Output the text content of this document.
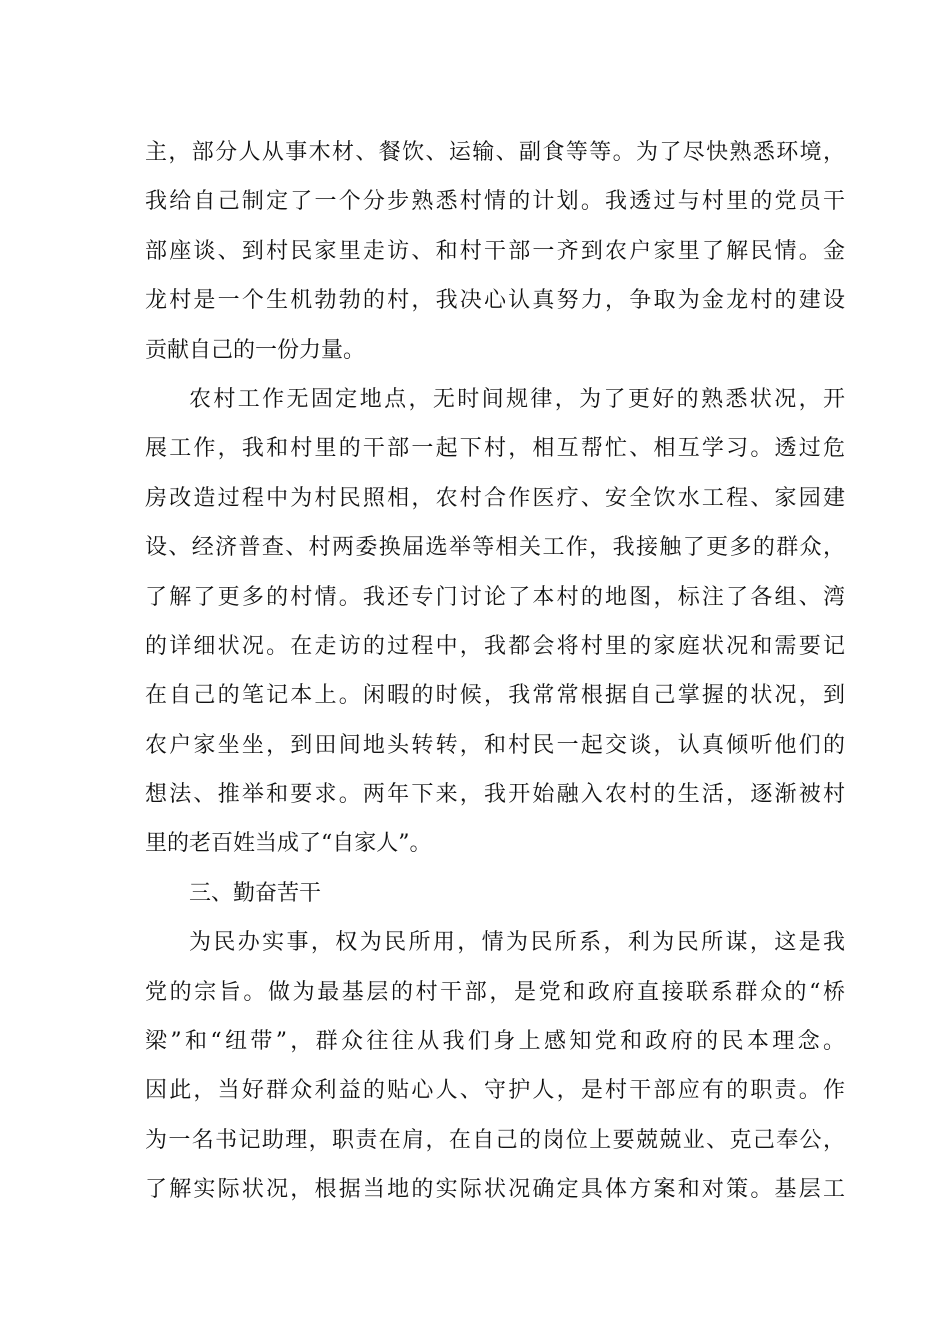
主，部分人从事木材、餐饮、运输、副食等等。为了尽快熟悉环境，
我给自己制定了一个分步熟悉村情的计划。我透过与村里的党员干
部座谈、到村民家里走访、和村干部一齐到农户家里了解民情。金
龙村是一个生机勃勃的村，我决心认真努力，争取为金龙村的建设
贡献自己的一份力量。
农村工作无固定地点，无时间规律，为了更好的熟悉状况，开
展工作，我和村里的干部一起下村，相互帮忙、相互学习。透过危
房改造过程中为村民照相，农村合作医疗、安全饮水工程、家园建
设、经济普查、村两委换届选举等相关工作，我接触了更多的群众，
了解了更多的村情。我还专门讨论了本村的地图，标注了各组、湾
的详细状况。在走访的过程中，我都会将村里的家庭状况和需要记
在自己的笔记本上。闲暇的时候，我常常根据自己掌握的状况，到
农户家坐坐，到田间地头转转，和村民一起交谈，认真倾听他们的
想法、推举和要求。两年下来，我开始融入农村的生活，逐渐被村
里的老百姓当成了“自家人”。
三、勤奋苦干
为民办实事，权为民所用，情为民所系，利为民所谋，这是我
党的宗旨。做为最基层的村干部，是党和政府直接联系群众的“桥
梁”和“纽带”，群众往往从我们身上感知党和政府的民本理念。
因此，当好群众利益的贴心人、守护人，是村干部应有的职责。作
为一名书记助理，职责在肩，在自己的岗位上要兢兢业、克己奉公，
了解实际状况，根据当地的实际状况确定具体方案和对策。基层工
